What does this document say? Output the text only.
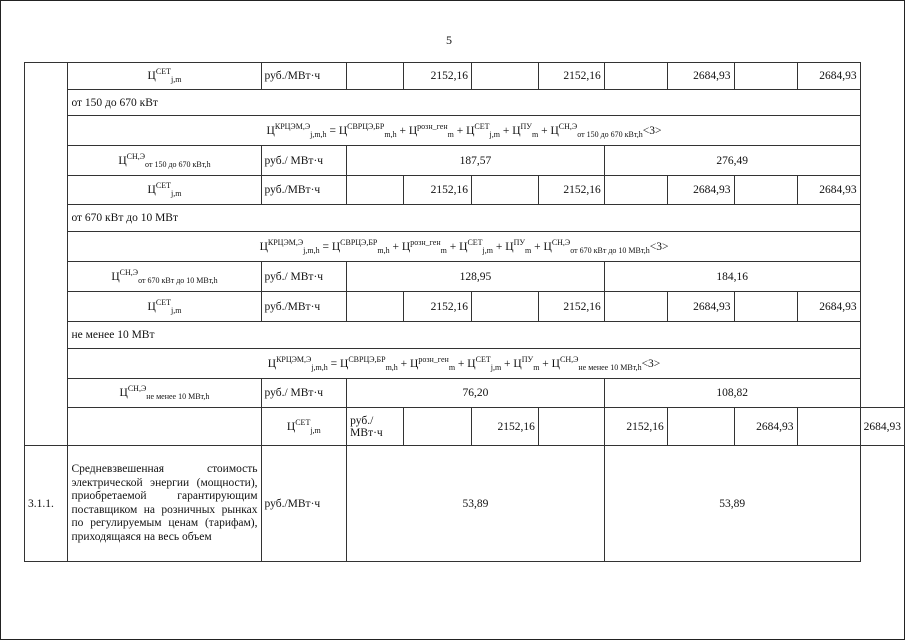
5
	$Ц^{СЕТ}_{j,m}$	руб./МВт·ч		2152,16		2152,16		2684,93		2684,93	
	от 150 до 670 кВт										
	$Ц^{КРЦЭМ,Э}_{j,m,h} = Ц^{СВРЦЭ,БР}_{m,h} + Ц^{розн\_ген}_m + Ц^{СЕТ}_{j,m} + Ц^{ПУ}_m + Ц^{СН,Э}_{от 150 до 670 кВт,h}<3>$										
	$Ц^{СН,Э}_{от 150 до 670 кВт,h}$	руб./ МВт·ч	187,57				276,49				
	$Ц^{СЕТ}_{j,m}$	руб./МВт·ч		2152,16		2152,16		2684,93		2684,93	
	от 670 кВт до 10 МВт										
	$Ц^{КРЦЭМ,Э}_{j,m,h} = Ц^{СВРЦЭ,БР}_{m,h} + Ц^{розн\_ген}_m + Ц^{СЕТ}_{j,m} + Ц^{ПУ}_m + Ц^{СН,Э}_{от 670 кВт до 10 МВт,h}<3>$										
	$Ц^{СН,Э}_{от 670 кВт до 10 МВт,h}$	руб./ МВт·ч	128,95				184,16				
	$Ц^{СЕТ}_{j,m}$	руб./МВт·ч		2152,16		2152,16		2684,93		2684,93	
	не менее 10 МВт										
	$Ц^{КРЦЭМ,Э}_{j,m,h} = Ц^{СВРЦЭ,БР}_{m,h} + Ц^{розн\_ген}_m + Ц^{СЕТ}_{j,m} + Ц^{ПУ}_m + Ц^{СН,Э}_{не менее 10 МВт,h}<3>$										
	$Ц^{СН,Э}_{не менее 10 МВт,h}$	руб./ МВт·ч	76,20				108,82				
		$Ц^{СЕТ}_{j,m}$	руб./МВт·ч		2152,16		2152,16		2684,93		2684,93
3.1.1.	Средневзвешенная стоимость электрической энергии (мощности), приобретаемой гарантирующим поставщиком на розничных рынках по регулируемым ценам (тарифам), приходящаяся на весь объем	руб./МВт·ч	53,89				53,89				
